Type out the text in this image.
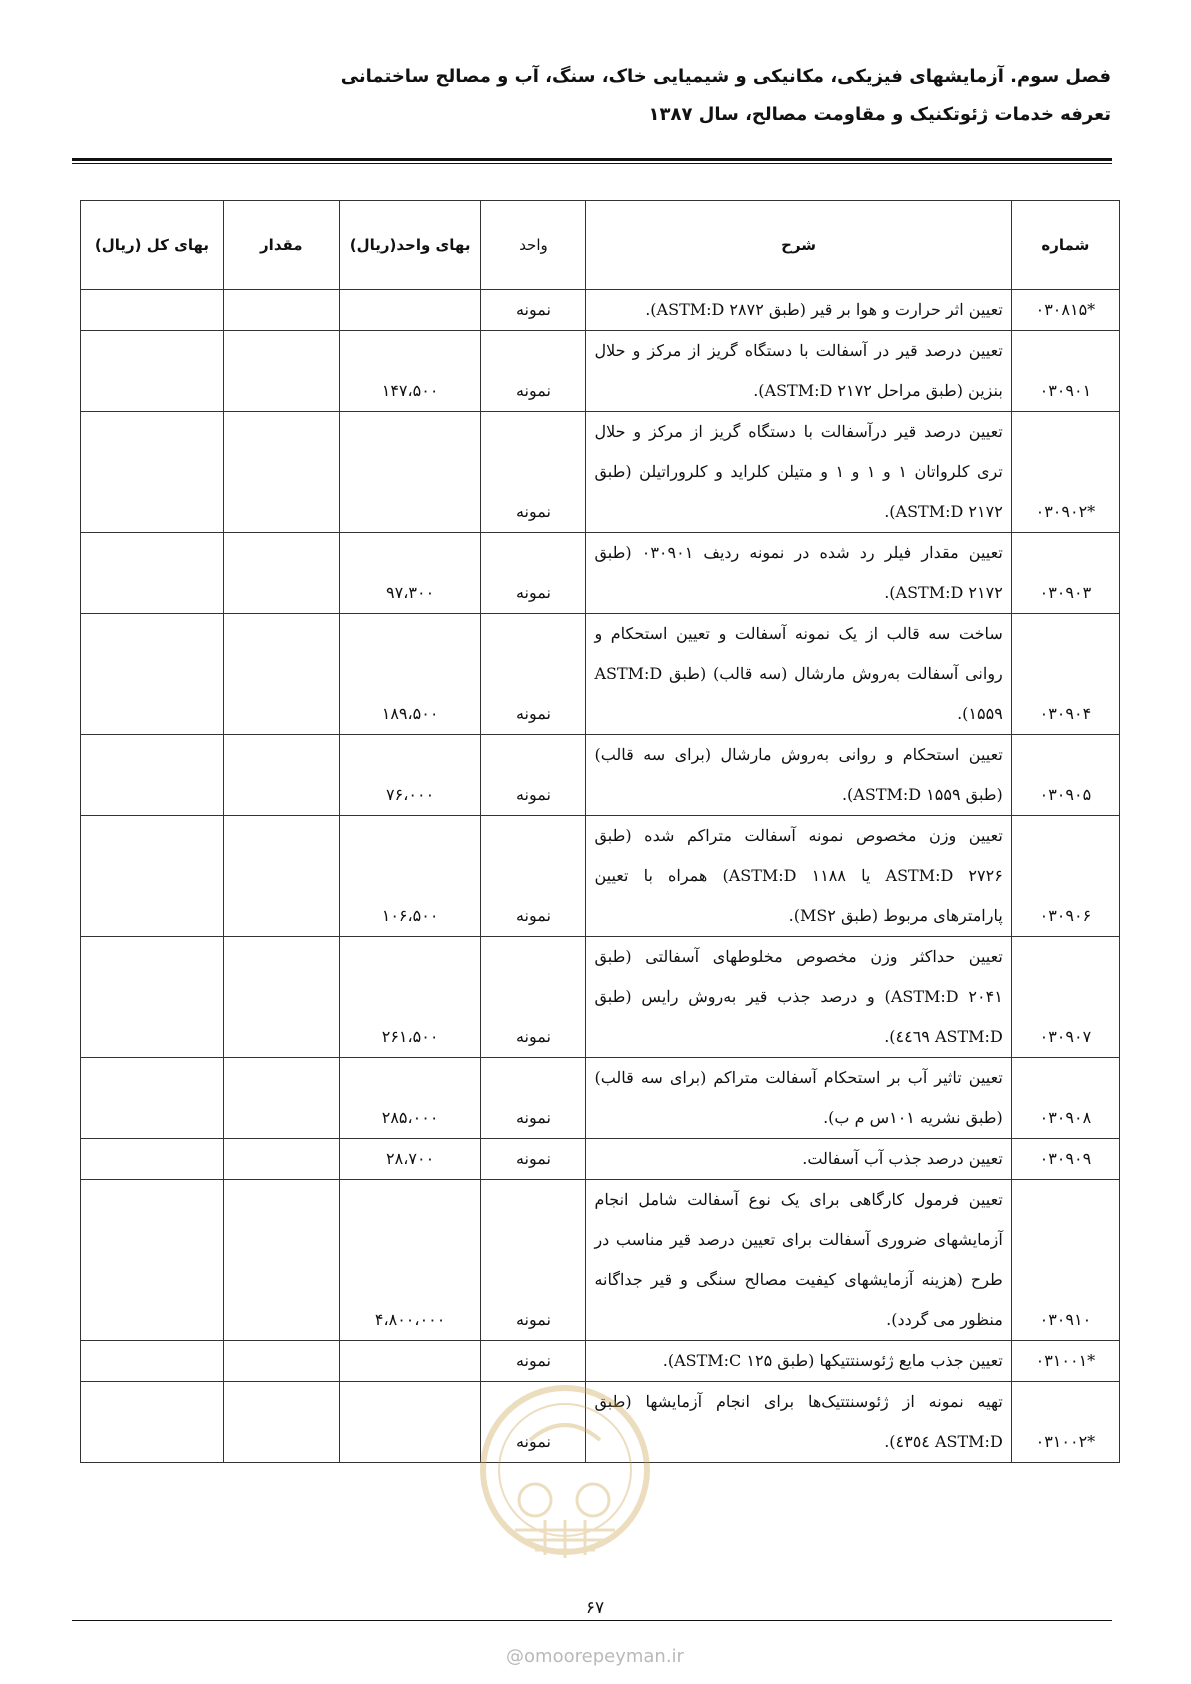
فصل سوم. آزمایشهای فیزیکی، مکانیکی و شیمیایی خاک، سنگ، آب و مصالح ساختمانی
تعرفه خدمات ژئوتکنیک و مقاومت مصالح، سال ۱۳۸۷
شماره	شرح	واحد	بهای واحد(ریال)	مقدار	بهای کل (ریال)
*۰۳۰۸۱۵	تعیین اثر حرارت و هوا بر قیر (طبق ASTM:D ۲۸۷۲).	نمونه			
۰۳۰۹۰۱	تعیین درصد قیر در آسفالت با دستگاه گریز از مرکز و حلال بنزین (طبق مراحل ASTM:D ۲۱۷۲).	نمونه	۱۴۷،۵۰۰		
*۰۳۰۹۰۲	تعیین درصد قیر درآسفالت با دستگاه گریز از مرکز و حلال تری کلرواتان ۱ و ۱ و ۱ و متیلن کلراید و کلروراتیلن (طبق ASTM:D ۲۱۷۲).	نمونه			
۰۳۰۹۰۳	تعیین مقدار فیلر رد شده در نمونه ردیف ۰۳۰۹۰۱ (طبق ASTM:D ۲۱۷۲).	نمونه	۹۷،۳۰۰		
۰۳۰۹۰۴	ساخت سه قالب از یک نمونه آسفالت و تعیین استحکام و روانی آسفالت به‌روش مارشال (سه قالب) (طبق ASTM:D ۱۵۵۹).	نمونه	۱۸۹،۵۰۰		
۰۳۰۹۰۵	تعیین استحکام و روانی به‌روش مارشال (برای سه قالب) (طبق ASTM:D ۱۵۵۹).	نمونه	۷۶،۰۰۰		
۰۳۰۹۰۶	تعیین وزن مخصوص نمونه آسفالت متراکم شده (طبق ASTM:D ۲۷۲۶ یا ASTM:D ۱۱۸۸) همراه با تعیین پارامترهای مربوط (طبق MS۲).	نمونه	۱۰۶،۵۰۰		
۰۳۰۹۰۷	تعیین حداکثر وزن مخصوص مخلوطهای آسفالتی (طبق ASTM:D ۲۰۴۱) و درصد جذب قیر به‌روش رایس (طبق ASTM:D ٤٤٦٩).	نمونه	۲۶۱،۵۰۰		
۰۳۰۹۰۸	تعیین تاثیر آب بر استحکام آسفالت متراکم (برای سه قالب) (طبق نشریه ۱۰۱س م ب).	نمونه	۲۸۵،۰۰۰		
۰۳۰۹۰۹	تعیین درصد جذب آب آسفالت.	نمونه	۲۸،۷۰۰		
۰۳۰۹۱۰	تعیین فرمول کارگاهی برای یک نوع آسفالت شامل انجام آزمایشهای ضروری آسفالت برای تعیین درصد قیر مناسب در طرح (هزینه آزمایشهای کیفیت مصالح سنگی و قیر جداگانه منظور می گردد).	نمونه	۴،۸۰۰،۰۰۰		
*۰۳۱۰۰۱	تعیین جذب مایع ژئوسنتتیکها (طبق ASTM:C ۱۲۵).	نمونه			
*۰۳۱۰۰۲	تهیه نمونه از ژئوسنتتیک‌ها برای انجام آزمایشها (طبق ASTM:D ٤٣٥٤).	نمونه			
۶۷
@omoorepeyman.ir
